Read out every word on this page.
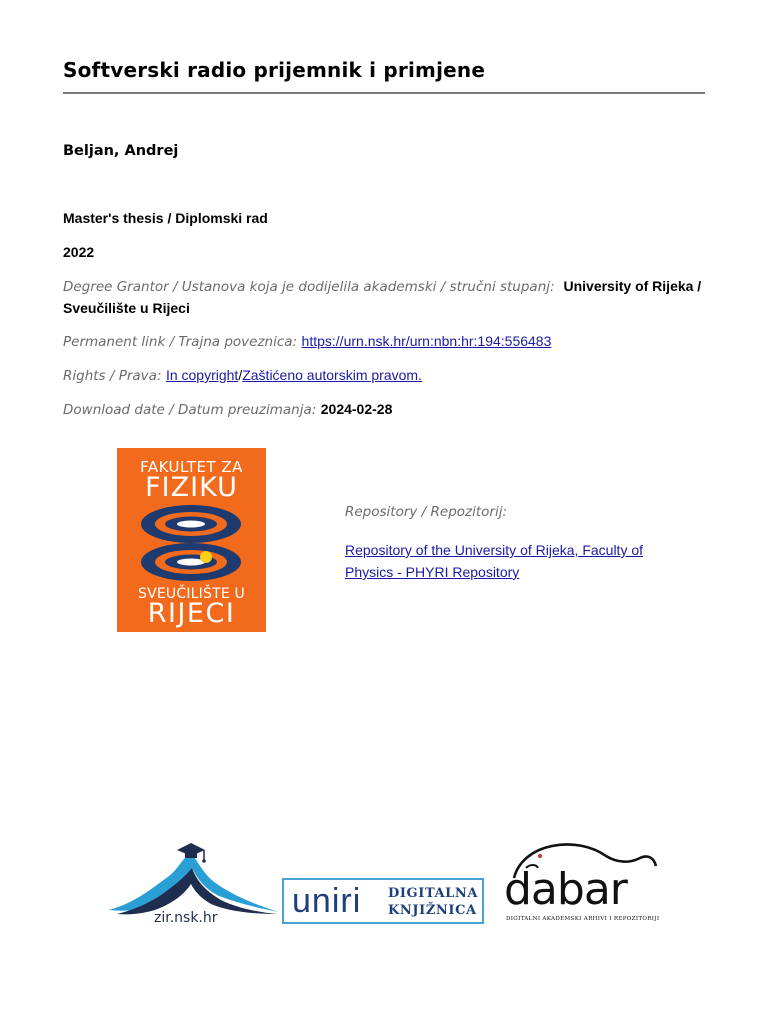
Softverski radio prijemnik i primjene
Beljan, Andrej
Master's thesis / Diplomski rad
2022
Degree Grantor / Ustanova koja je dodijelila akademski / stručni stupanj: University of Rijeka / Sveučilište u Rijeci
Permanent link / Trajna poveznica: https://urn.nsk.hr/urn:nbn:hr:194:556483
Rights / Prava: In copyright/Zaštićeno autorskim pravom.
Download date / Datum preuzimanja: 2024-02-28
FAKULTET ZA
FIZIKU
SVEUČILIŠTE U
RIJECI
Repository / Repozitorij:
Repository of the University of Rijeka, Faculty of Physics - PHYRI Repository
zir.nsk.hr uniri DIGITALNA
KNJIŽNICA dabar
DIGITALNI AKADEMSKI ARHIVI I REPOZITORIJI
